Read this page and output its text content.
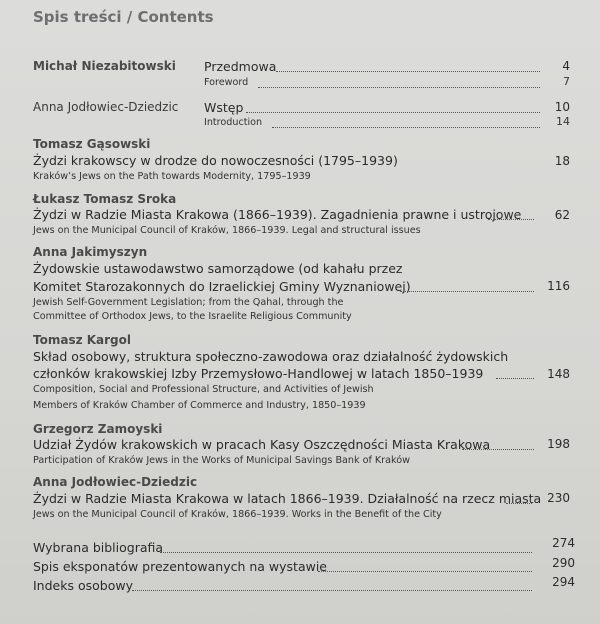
Spis treści / Contents
Michał Niezabitowski Przedmowa	4
Foreword	7
Anna Jodłowiec-Dziedzic Wstęp	10
Introduction	14
Tomasz Gąsowski
Żydzi krakowscy w drodze do nowoczesności (1795–1939)	18
Kraków’s Jews on the Path towards Modernity, 1795–1939
Łukasz Tomasz Sroka
Żydzi w Radzie Miasta Krakowa (1866–1939). Zagadnienia prawne i ustrojowe	62
Jews on the Municipal Council of Kraków, 1866–1939. Legal and structural issues
Anna Jakimyszyn
Żydowskie ustawodawstwo samorządowe (od kahału przez
Komitet Starozakonnych do Izraelickiej Gminy Wyznaniowej)	116
Jewish Self-Government Legislation; from the Qahal, through the
Committee of Orthodox Jews, to the Israelite Religious Community
Tomasz Kargol
Skład osobowy, struktura społeczno-zawodowa oraz działalność żydowskich
członków krakowskiej Izby Przemysłowo-Handlowej w latach 1850–1939	148
Composition, Social and Professional Structure, and Activities of Jewish
Members of Kraków Chamber of Commerce and Industry, 1850–1939
Grzegorz Zamoyski
Udział Żydów krakowskich w pracach Kasy Oszczędności Miasta Krakowa	198
Participation of Kraków Jews in the Works of Municipal Savings Bank of Kraków
Anna Jodłowiec-Dziedzic
Żydzi w Radzie Miasta Krakowa w latach 1866–1939. Działalność na rzecz miasta 230
Jews on the Municipal Council of Kraków, 1866–1939. Works in the Benefit of the City
Wybrana bibliografia	274
Spis eksponatów prezentowanych na wystawie	290
Indeks osobowy	294
